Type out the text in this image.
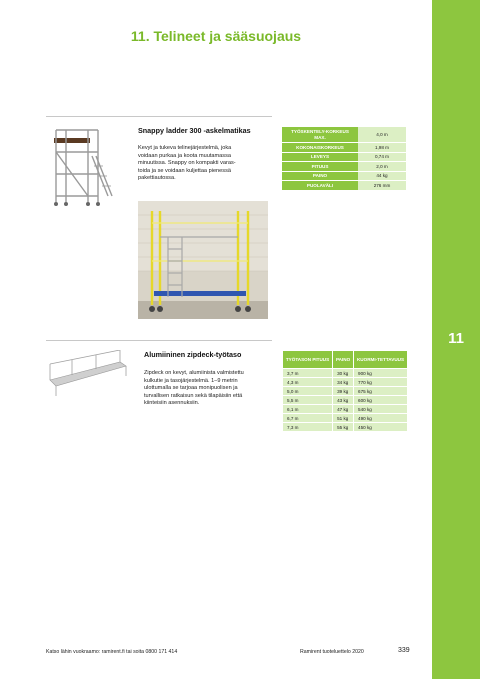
11
11. Telineet ja sääsuojaus
Snappy ladder 300 -askelmatikas
Kevyt ja tukeva telinejärjestelmä, joka
voidaan purkaa ja koota muutamassa
minuutissa. Snappy on kompakti varas-
toida ja se voidaan kuljettaa pienessä
pakettiautossa.
TYÖSKENTELY-KORKEUS MAX.	4,0 m
KOKONAISKORKEUS	1,98 m
LEVEYS	0,74 m
PITUUS	2,0 m
PAINO	44 kg
PUOLAVÄLI	276 mm
Alumiininen zipdeck-työtaso
Zipdeck on kevyt, alumiinista valmistettu
kulkutie ja tasojärjestelmä. 1–9 metrin
ulottumalla se tarjoaa monipuolisen ja
turvallisen ratkaisun sekä tilapäisiin että
kiinteisiin asennuksiin.
TYÖTASON PITUUS	PAINO	KUORMI-TETTAVUUS
3,7 m	30 kg	900 kg
4,3 m	34 kg	770 kg
5,0 m	39 kg	675 kg
5,5 m	43 kg	600 kg
6,1 m	47 kg	540 kg
6,7 m	51 kg	490 kg
7,3 m	55 kg	450 kg
Katso lähin vuokraamo: ramirent.fi tai soita 0800 171 414	Ramirent tuoteluettelo 2020	339
